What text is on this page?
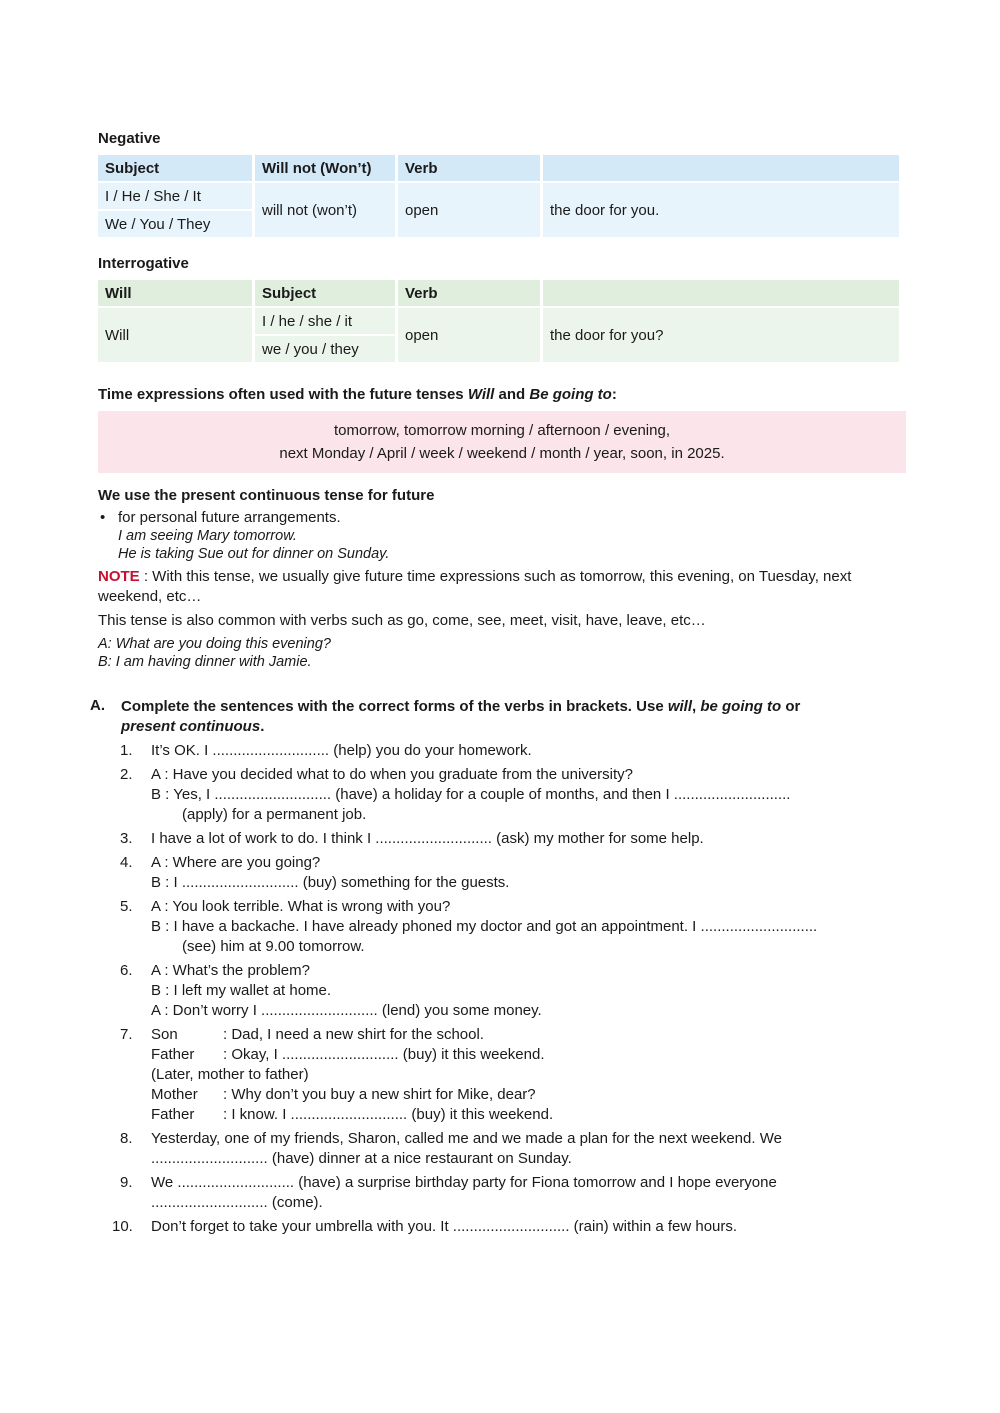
Negative
Subject	Will not (Won’t)	Verb	
I / He / She / It	will not (won’t)	open	the door for you.
We / You / They			
Interrogative
Will	Subject	Verb	
Will	I / he / she / it	open	the door for you?
	we / you / they		
Time expressions often used with the future tenses Will and Be going to:
tomorrow, tomorrow morning / afternoon / evening,
next Monday / April / week / weekend / month / year, soon, in 2025.
We use the present continuous tense for future
• for personal future arrangements.
I am seeing Mary tomorrow.
He is taking Sue out for dinner on Sunday.
NOTE : With this tense, we usually give future time expressions such as tomorrow, this evening, on Tuesday, next weekend, etc…
This tense is also common with verbs such as go, come, see, meet, visit, have, leave, etc…
A: What are you doing this evening?
B: I am having dinner with Jamie.
A.	Complete the sentences with the correct forms of the verbs in brackets. Use will, be going to or
present continuous.
1. It’s OK. I ............................ (help) you do your homework.
2. A : Have you decided what to do when you graduate from the university?
B : Yes, I ............................ (have) a holiday for a couple of months, and then I ............................
(apply) for a permanent job.
3. I have a lot of work to do. I think I ............................ (ask) my mother for some help.
4. A : Where are you going?
B : I ............................ (buy) something for the guests.
5. A : You look terrible. What is wrong with you?
B : I have a backache. I have already phoned my doctor and got an appointment. I ............................
(see) him at 9.00 tomorrow.
6. A : What’s the problem?
B : I left my wallet at home.
A : Don’t worry I ............................ (lend) you some money.
7. Son	: Dad, I need a new shirt for the school.
Father : Okay, I ............................ (buy) it this weekend.
(Later, mother to father)
Mother : Why don’t you buy a new shirt for Mike, dear?
Father : I know. I ............................ (buy) it this weekend.
8. Yesterday, one of my friends, Sharon, called me and we made a plan for the next weekend. We
............................ (have) dinner at a nice restaurant on Sunday.
9. We ............................ (have) a surprise birthday party for Fiona tomorrow and I hope everyone
............................ (come).
10. Don’t forget to take your umbrella with you. It ............................ (rain) within a few hours.
